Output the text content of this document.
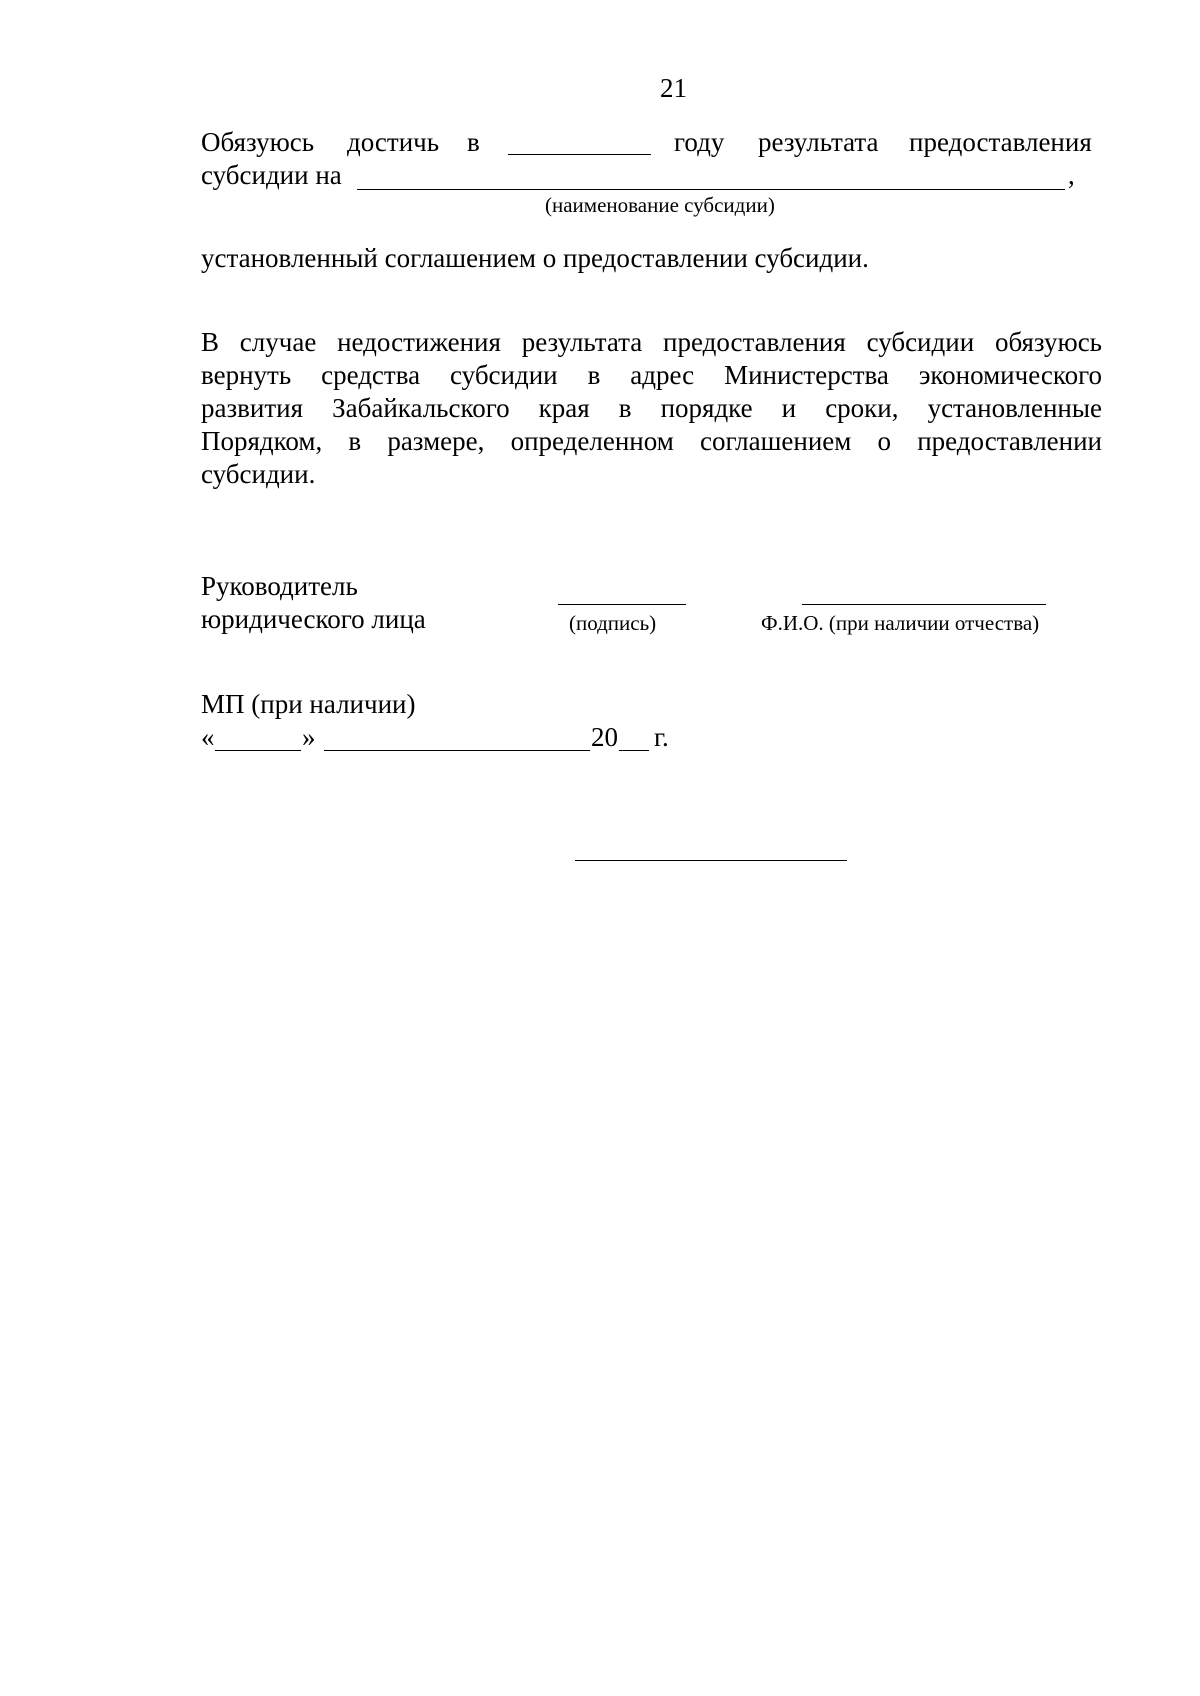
21
Обязуюсь достичь в	году результата предоставления
субсидии на	,
(наименование субсидии)
установленный соглашением о предоставлении субсидии.
В случае недостижения результата предоставления субсидии обязуюсь
вернуть средства субсидии в адрес Министерства экономического
развития Забайкальского края в порядке и сроки, установленные
Порядком, в размере, определенном соглашением о предоставлении
субсидии.
Руководитель
юридического лица	(подпись)	Ф.И.О. (при наличии отчества)
МП (при наличии)
«	»	20 г.
